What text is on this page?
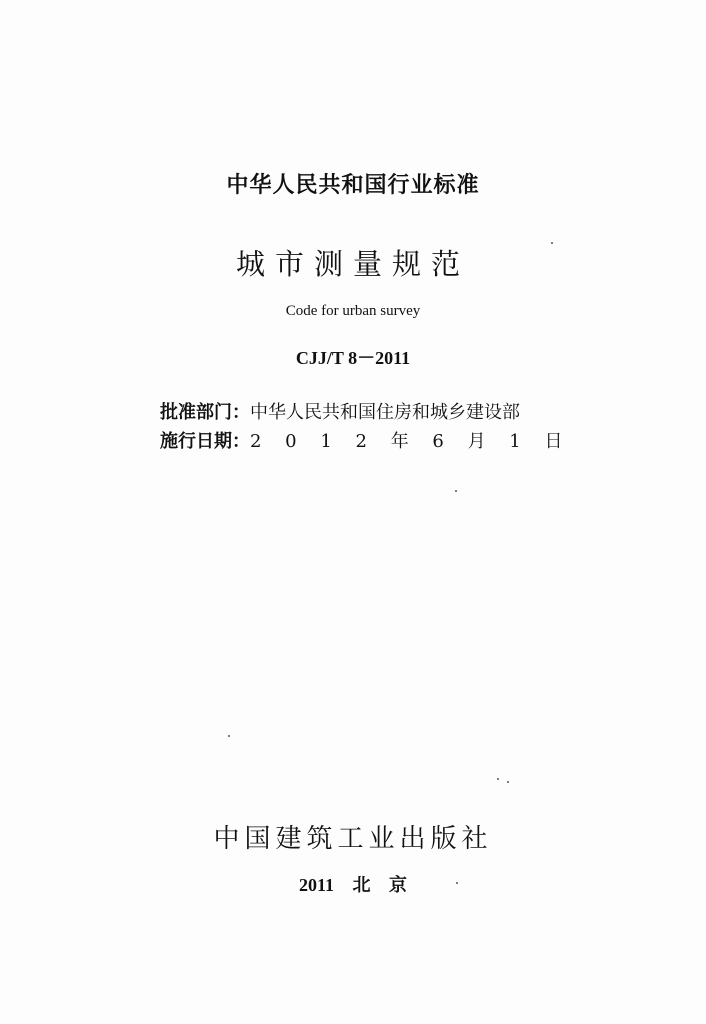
中华人民共和国行业标准
城市测量规范
Code for urban survey
CJJ/T 8－2011
批准部门：中华人民共和国住房和城乡建设部
施行日期：2 0 1 2 年 6 月 1 日
中国建筑工业出版社
2011 北 京
